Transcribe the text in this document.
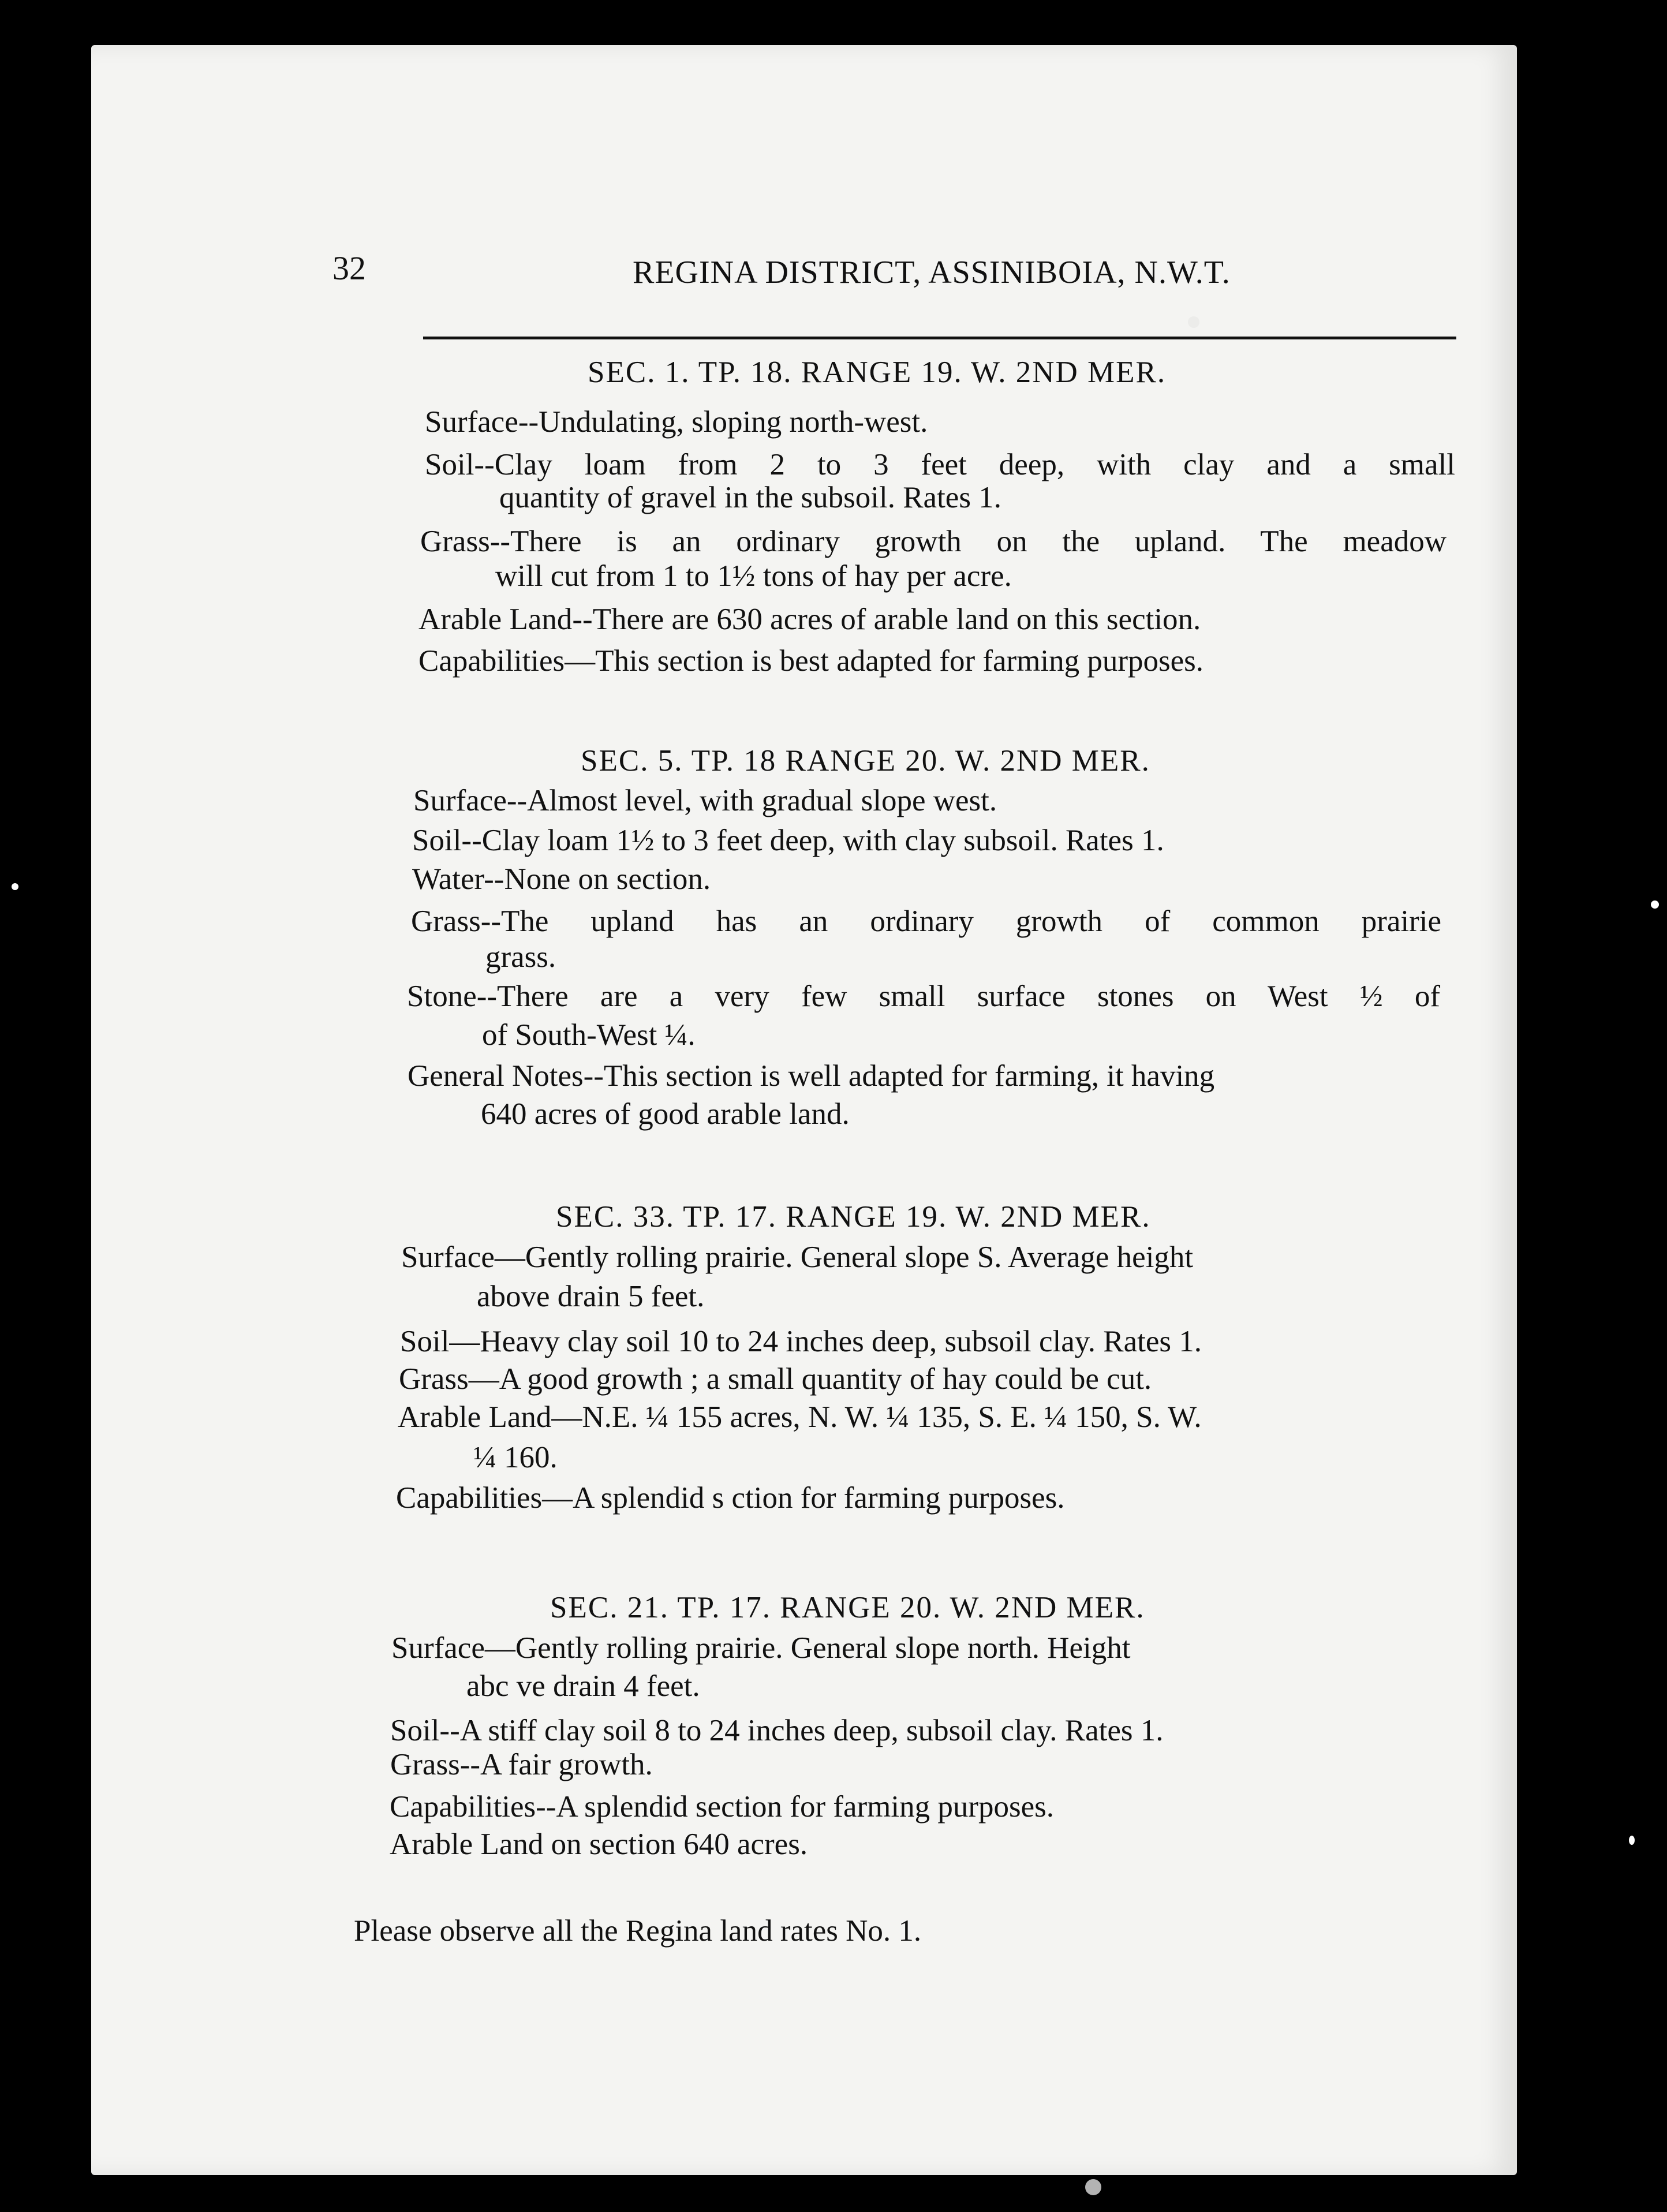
32	REGINA DISTRICT, ASSINIBOIA, N.W.T.
SEC. 1. TP. 18. RANGE 19. W. 2ND MER.
Surface--Undulating, sloping north-west.
Soil--Clay loam from 2 to 3 feet deep, with clay and a small
quantity of gravel in the subsoil. Rates 1.
Grass--There is an ordinary growth on the upland. The meadow
will cut from 1 to 1½ tons of hay per acre.
Arable Land--There are 630 acres of arable land on this section.
Capabilities—This section is best adapted for farming purposes.
SEC. 5. TP. 18 RANGE 20. W. 2ND MER.
Surface--Almost level, with gradual slope west.
Soil--Clay loam 1½ to 3 feet deep, with clay subsoil. Rates 1.
Water--None on section.
Grass--The upland has an ordinary growth of common prairie
grass.
Stone--There are a very few small surface stones on West ½ of
of South-West ¼.
General Notes--This section is well adapted for farming, it having
640 acres of good arable land.
SEC. 33. TP. 17. RANGE 19. W. 2ND MER.
Surface—Gently rolling prairie. General slope S. Average height
above drain 5 feet.
Soil—Heavy clay soil 10 to 24 inches deep, subsoil clay. Rates 1.
Grass—A good growth ; a small quantity of hay could be cut.
Arable Land—N.E. ¼ 155 acres, N. W. ¼ 135, S. E. ¼ 150, S. W.
¼ 160.
Capabilities—A splendid s ction for farming purposes.
SEC. 21. TP. 17. RANGE 20. W. 2ND MER.
Surface—Gently rolling prairie. General slope north. Height
abc ve drain 4 feet.
Soil--A stiff clay soil 8 to 24 inches deep, subsoil clay. Rates 1.
Grass--A fair growth.
Capabilities--A splendid section for farming purposes.
Arable Land on section 640 acres.
Please observe all the Regina land rates No. 1.
